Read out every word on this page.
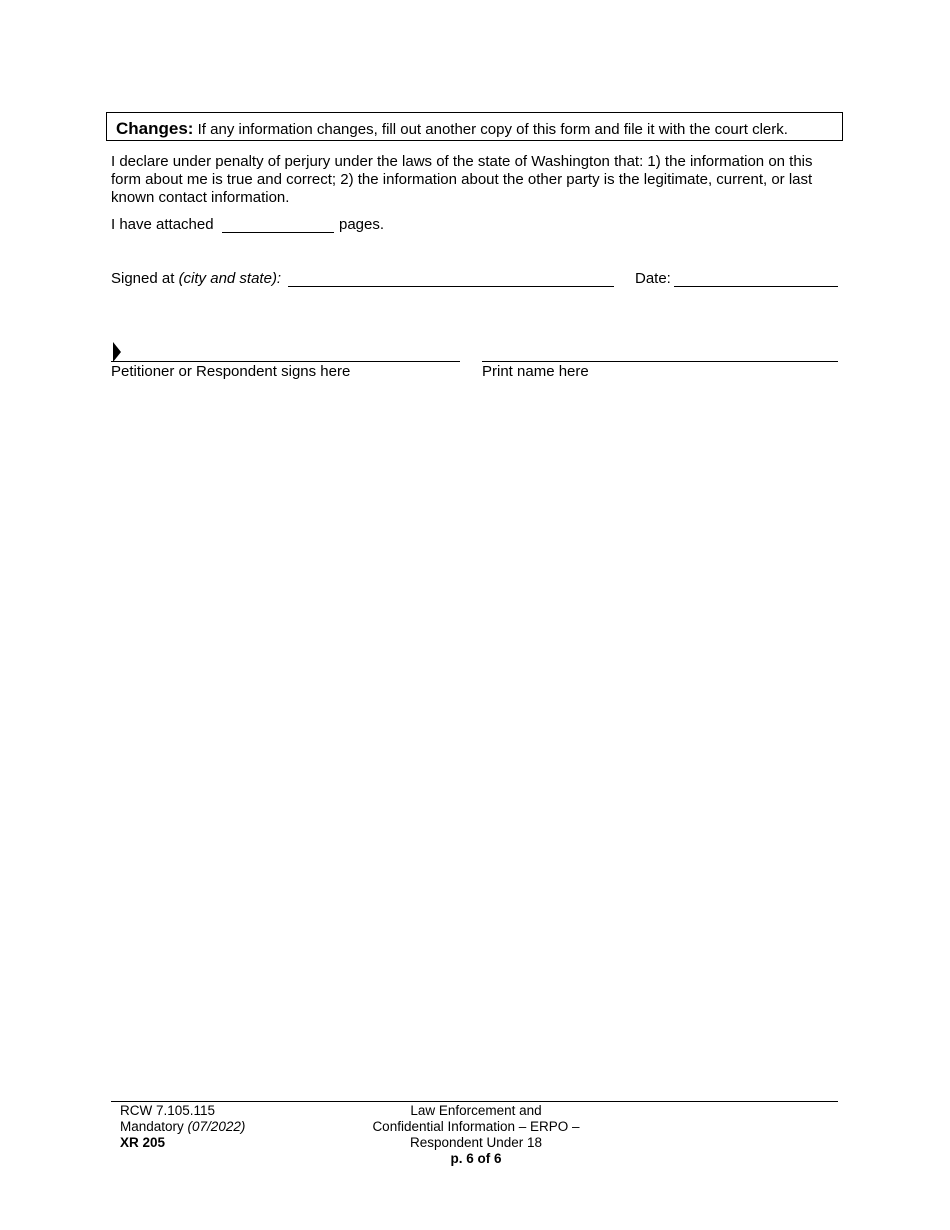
Changes: If any information changes, fill out another copy of this form and file it with the court clerk.
I declare under penalty of perjury under the laws of the state of Washington that: 1) the information on this form about me is true and correct; 2) the information about the other party is the legitimate, current, or last known contact information.
I have attached	pages.
Signed at (city and state):	Date:
Petitioner or Respondent signs here	Print name here
RCW 7.105.115
Mandatory (07/2022)
XR 205
Law Enforcement and
Confidential Information – ERPO –
Respondent Under 18
p. 6 of 6
